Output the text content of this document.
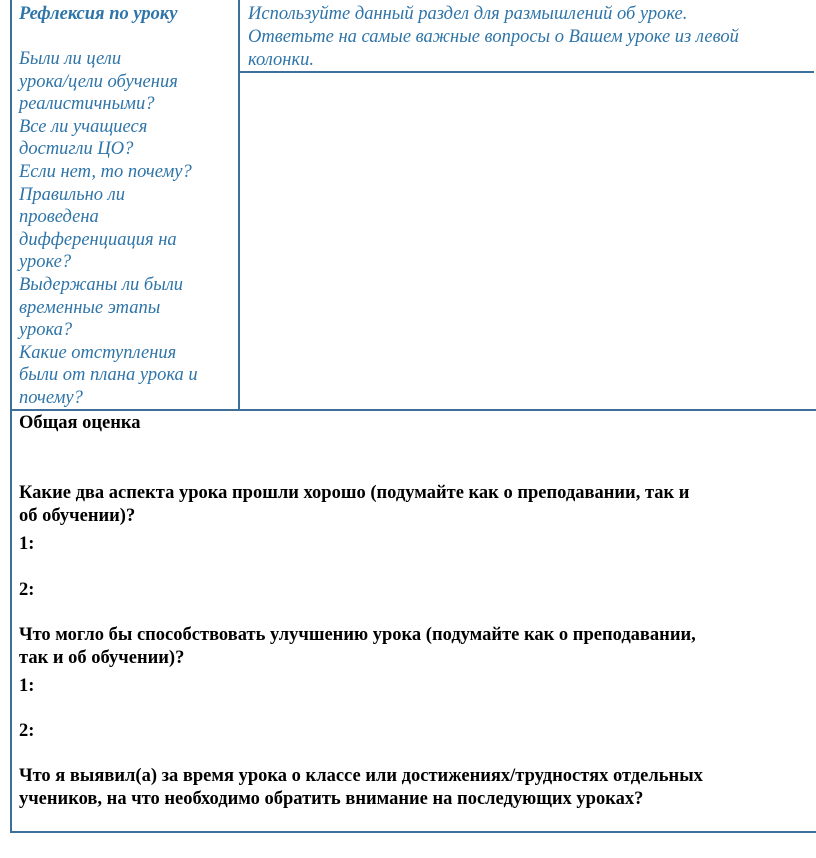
Рефлексия по уроку
Были ли цели
урока/цели обучения
реалистичными?
Все ли учащиеся
достигли ЦО?
Если нет, то почему?
Правильно ли
проведена
дифференциация на
уроке?
Выдержаны ли были
временные этапы
урока?
Какие отступления
были от плана урока и
почему?
Используйте данный раздел для размышлений об уроке.
Ответьте на самые важные вопросы о Вашем уроке из левой
колонки.
Общая оценка
Какие два аспекта урока прошли хорошо (подумайте как о преподавании, так и
об обучении)?
1:
2:
Что могло бы способствовать улучшению урока (подумайте как о преподавании,
так и об обучении)?
1:
2:
Что я выявил(а) за время урока о классе или достижениях/трудностях отдельных
учеников, на что необходимо обратить внимание на последующих уроках?
